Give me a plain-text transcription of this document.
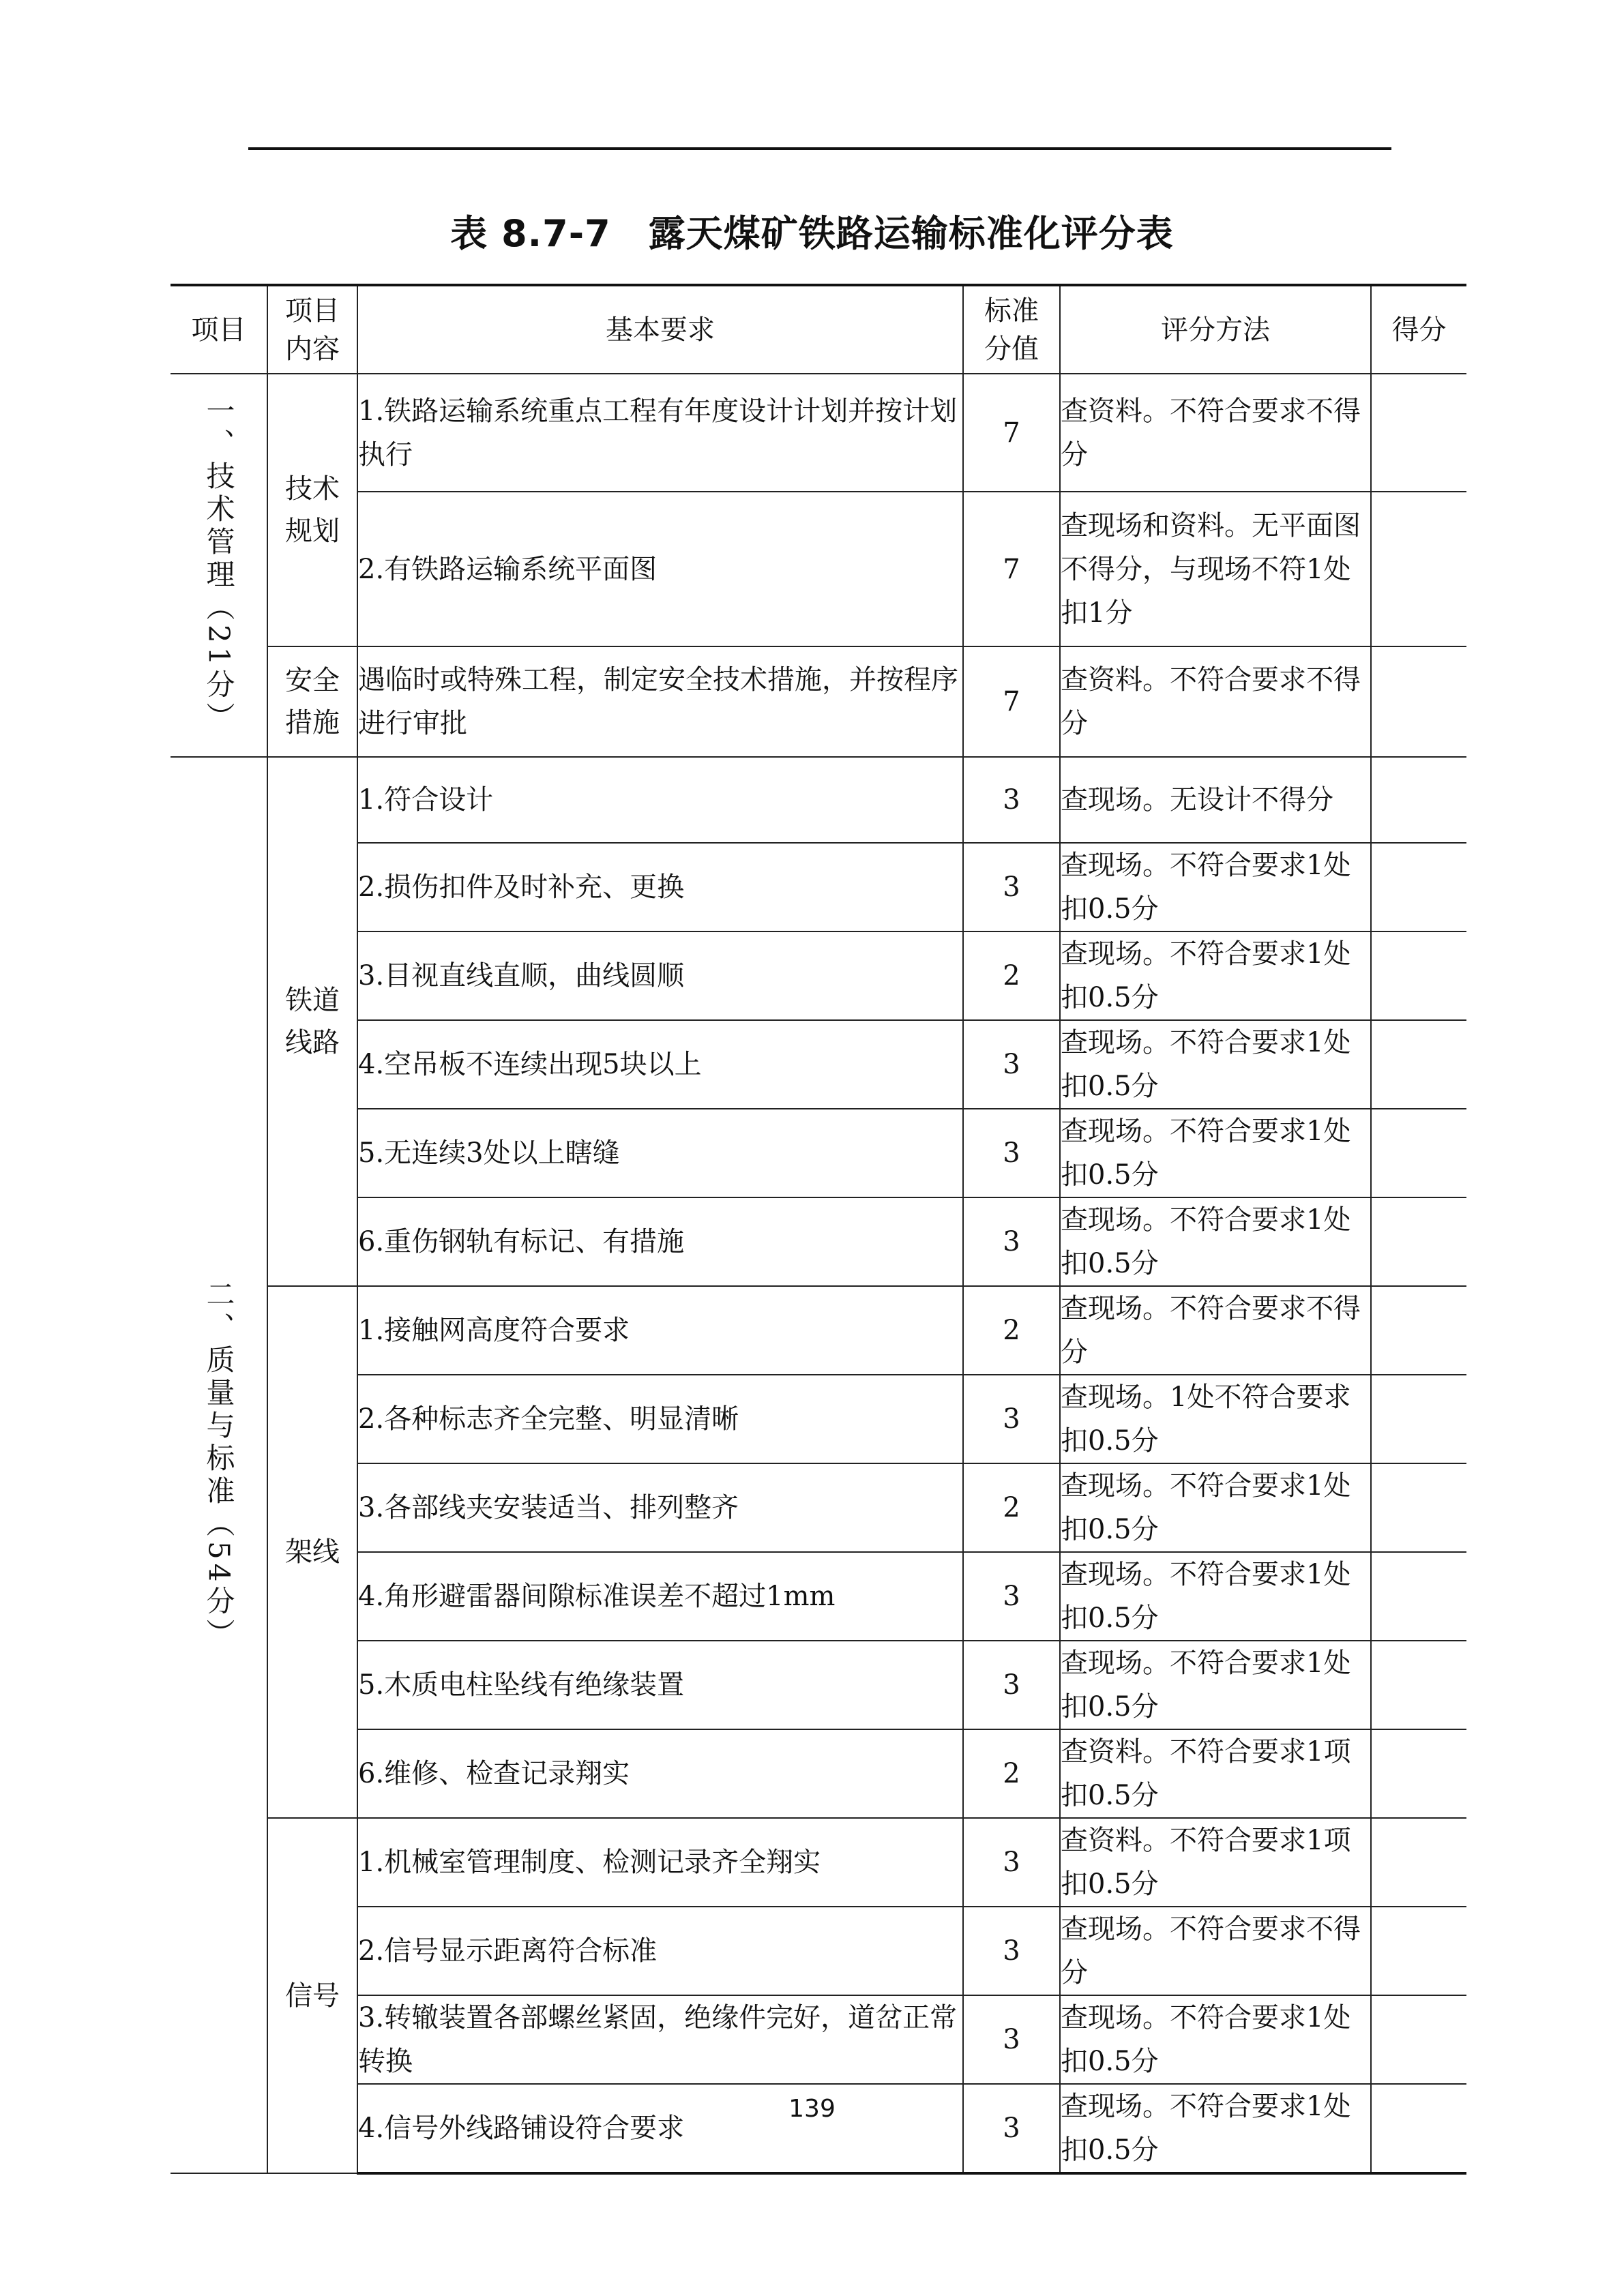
表 8.7-7　露天煤矿铁路运输标准化评分表
项目	项目内容	基本要求	标准分值	评分方法	得分

一、技术管理（21分）	技术规划	1.铁路运输系统重点工程有年度设计计划并按计划执行	7	查资料。不符合要求不得分	
		2.有铁路运输系统平面图	7	查现场和资料。无平面图不得分，与现场不符1处扣1分	
	安全措施	遇临时或特殊工程，制定安全技术措施，并按程序进行审批	7	查资料。不符合要求不得分	

二、质量与标准（54分）	铁道线路	1.符合设计	3	查现场。无设计不得分	
		2.损伤扣件及时补充、更换	3	查现场。不符合要求1处扣0.5分	
		3.目视直线直顺，曲线圆顺	2	查现场。不符合要求1处扣0.5分	
		4.空吊板不连续出现5块以上	3	查现场。不符合要求1处扣0.5分	
		5.无连续3处以上瞎缝	3	查现场。不符合要求1处扣0.5分	
		6.重伤钢轨有标记、有措施	3	查现场。不符合要求1处扣0.5分	
	架线	1.接触网高度符合要求	2	查现场。不符合要求不得分	
		2.各种标志齐全完整、明显清晰	3	查现场。1处不符合要求扣0.5分	
		3.各部线夹安装适当、排列整齐	2	查现场。不符合要求1处扣0.5分	
		4.角形避雷器间隙标准误差不超过1mm	3	查现场。不符合要求1处扣0.5分	
		5.木质电柱坠线有绝缘装置	3	查现场。不符合要求1处扣0.5分	
		6.维修、检查记录翔实	2	查资料。不符合要求1项扣0.5分	
	信号	1.机械室管理制度、检测记录齐全翔实	3	查资料。不符合要求1项扣0.5分	
		2.信号显示距离符合标准	3	查现场。不符合要求不得分	
		3.转辙装置各部螺丝紧固，绝缘件完好，道岔正常转换	3	查现场。不符合要求1处扣0.5分	
		4.信号外线路铺设符合要求	3	查现场。不符合要求1处扣0.5分	
139
